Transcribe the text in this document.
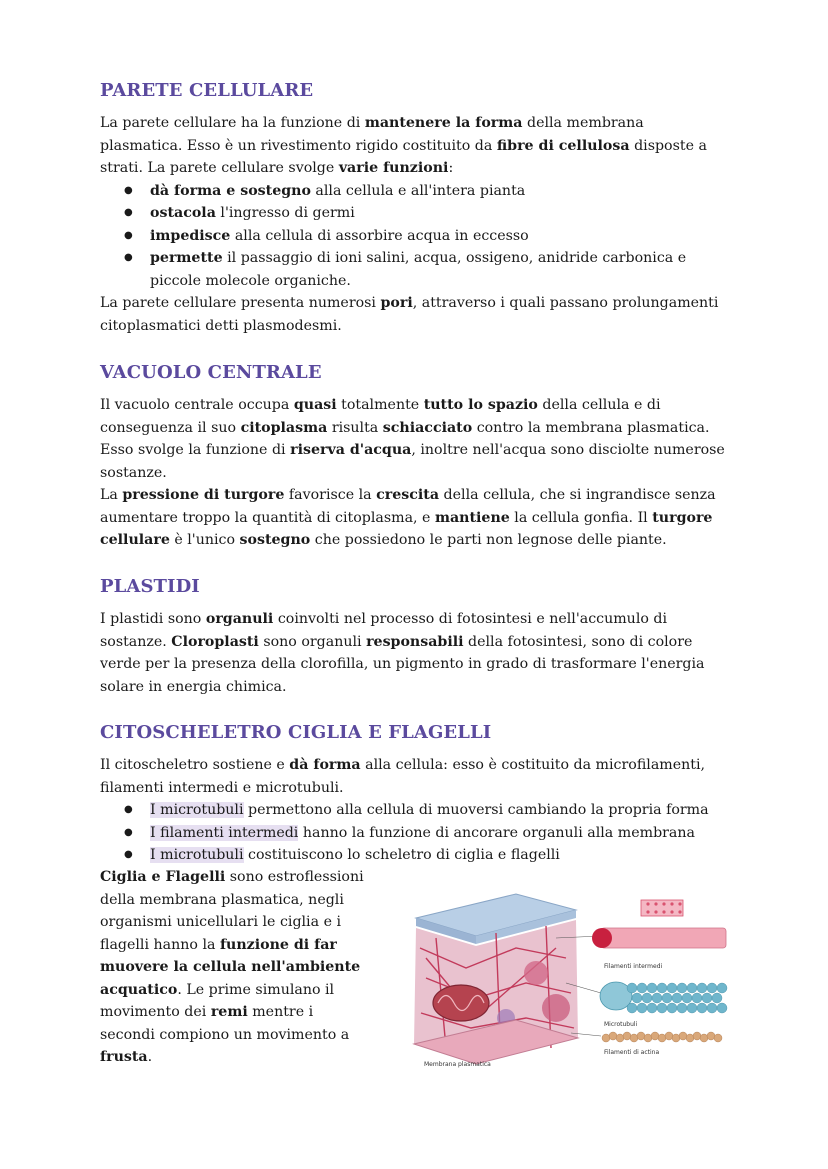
PARETE CELLULARE

La parete cellulare ha la funzione di mantenere la forma della membrana plasmatica. Esso è un rivestimento rigido costituito da fibre di cellulosa disposte a strati. La parete cellulare svolge varie funzioni:

● dà forma e sostegno alla cellula e all'intera pianta
● ostacola l'ingresso di germi
● impedisce alla cellula di assorbire acqua in eccesso
● permette il passaggio di ioni salini, acqua, ossigeno, anidride carbonica e piccole molecole organiche.

La parete cellulare presenta numerosi pori, attraverso i quali passano prolungamenti citoplasmatici detti plasmodesmi.

VACUOLO CENTRALE

Il vacuolo centrale occupa quasi totalmente tutto lo spazio della cellula e di conseguenza il suo citoplasma risulta schiacciato contro la membrana plasmatica. Esso svolge la funzione di riserva d'acqua, inoltre nell'acqua sono disciolte numerose sostanze.

La pressione di turgore favorisce la crescita della cellula, che si ingrandisce senza aumentare troppo la quantità di citoplasma, e mantiene la cellula gonfia. Il turgore cellulare è l'unico sostegno che possiedono le parti non legnose delle piante.

PLASTIDI

I plastidi sono organuli coinvolti nel processo di fotosintesi e nell'accumulo di sostanze. Cloroplasti sono organuli responsabili della fotosintesi, sono di colore verde per la presenza della clorofilla, un pigmento in grado di trasformare l'energia solare in energia chimica.

CITOSCHELETRO CIGLIA E FLAGELLI

Il citoscheletro sostiene e dà forma alla cellula: esso è costituito da microfilamenti, filamenti intermedi e microtubuli.

● I microtubuli permettono alla cellula di muoversi cambiando la propria forma
● I filamenti intermedi hanno la funzione di ancorare organuli alla membrana
● I microtubuli costituiscono lo scheletro di ciglia e flagelli

Ciglia e Flagelli sono estroflessioni della membrana plasmatica, negli organismi unicellulari le ciglia e i flagelli hanno la funzione di far muovere la cellula nell'ambiente acquatico. Le prime simulano il movimento dei remi mentre i secondi compiono un movimento a frusta.

Filamenti intermedi
Microtubuli
Filamenti di actina
Membrana plasmatica
